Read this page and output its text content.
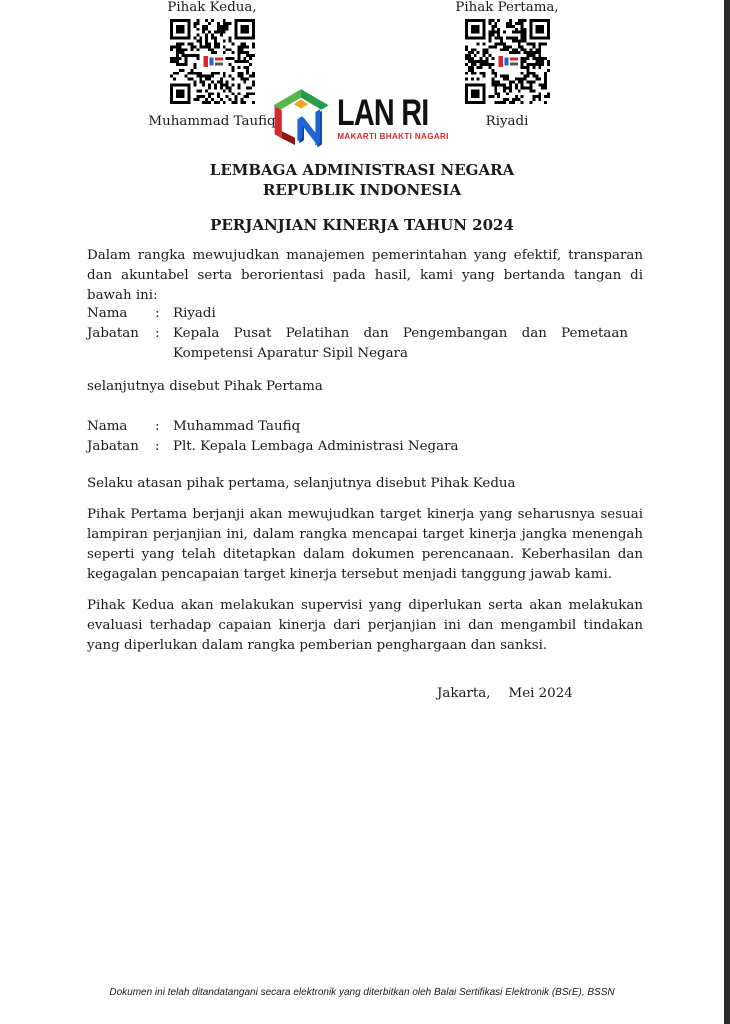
LAN RI
MAKARTI BHAKTI NAGARI
LEMBAGA ADMINISTRASI NEGARA
REPUBLIK INDONESIA
PERJANJIAN KINERJA TAHUN 2024
Dalam rangka mewujudkan manajemen pemerintahan yang efektif, transparan dan akuntabel serta berorientasi pada hasil, kami yang bertanda tangan di bawah ini:
Nama	:	Riyadi
Jabatan	:	Kepala Pusat Pelatihan dan Pengembangan dan Pemetaan Kompetensi Aparatur Sipil Negara
selanjutnya disebut Pihak Pertama
Nama	:	Muhammad Taufiq
Jabatan	:	Plt. Kepala Lembaga Administrasi Negara
Selaku atasan pihak pertama, selanjutnya disebut Pihak Kedua
Pihak Pertama berjanji akan mewujudkan target kinerja yang seharusnya sesuai lampiran perjanjian ini, dalam rangka mencapai target kinerja jangka menengah seperti yang telah ditetapkan dalam dokumen perencanaan. Keberhasilan dan kegagalan pencapaian target kinerja tersebut menjadi tanggung jawab kami.
Pihak Kedua akan melakukan supervisi yang diperlukan serta akan melakukan evaluasi terhadap capaian kinerja dari perjanjian ini dan mengambil tindakan yang diperlukan dalam rangka pemberian penghargaan dan sanksi.
Jakarta, Mei 2024
Pihak Kedua,
Muhammad Taufiq
Pihak Pertama,
Riyadi
Dokumen ini telah ditandatangani secara elektronik yang diterbitkan oleh Balai Sertifikasi Elektronik (BSrE), BSSN
